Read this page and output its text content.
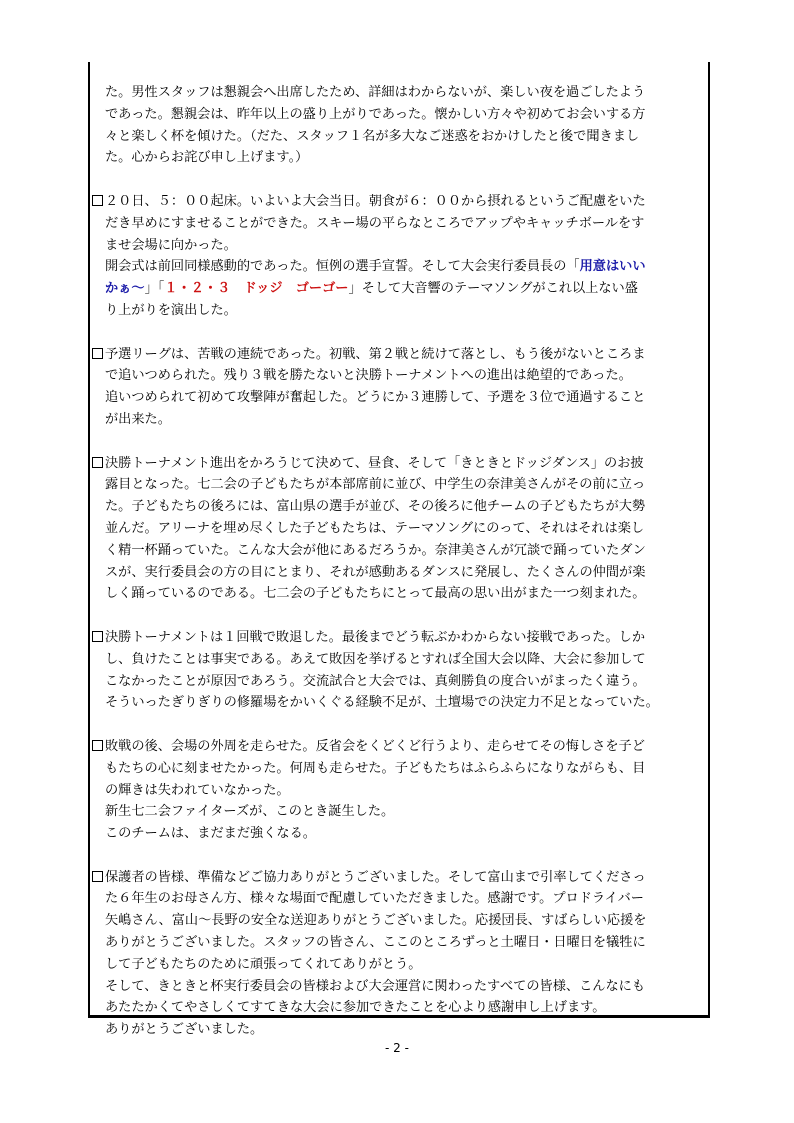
た。男性スタッフは懇親会へ出席したため、詳細はわからないが、楽しい夜を過ごしたよう
であった。懇親会は、昨年以上の盛り上がりであった。懐かしい方々や初めてお会いする方
々と楽しく杯を傾けた。（だた、スタッフ１名が多大なご迷惑をおかけしたと後で聞きまし
た。心からお詫び申し上げます。）
２０日、５：００起床。いよいよ大会当日。朝食が６：００から摂れるというご配慮をいた
だき早めにすませることができた。スキー場の平らなところでアップやキャッチボールをす
ませ会場に向かった。
開会式は前回同様感動的であった。恒例の選手宣誓。そして大会実行委員長の「用意はいい
かぁ～」「１・２・３　ドッジ　ゴーゴー」そして大音響のテーマソングがこれ以上ない盛
り上がりを演出した。
予選リーグは、苦戦の連続であった。初戦、第２戦と続けて落とし、もう後がないところま
で追いつめられた。残り３戦を勝たないと決勝トーナメントへの進出は絶望的であった。
追いつめられて初めて攻撃陣が奮起した。どうにか３連勝して、予選を３位で通過すること
が出来た。
決勝トーナメント進出をかろうじて決めて、昼食、そして「きときとドッジダンス」のお披
露目となった。七二会の子どもたちが本部席前に並び、中学生の奈津美さんがその前に立っ
た。子どもたちの後ろには、富山県の選手が並び、その後ろに他チームの子どもたちが大勢
並んだ。アリーナを埋め尽くした子どもたちは、テーマソングにのって、それはそれは楽し
く精一杯踊っていた。こんな大会が他にあるだろうか。奈津美さんが冗談で踊っていたダン
スが、実行委員会の方の目にとまり、それが感動あるダンスに発展し、たくさんの仲間が楽
しく踊っているのである。七二会の子どもたちにとって最高の思い出がまた一つ刻まれた。
決勝トーナメントは１回戦で敗退した。最後までどう転ぶかわからない接戦であった。しか
し、負けたことは事実である。あえて敗因を挙げるとすれば全国大会以降、大会に参加して
こなかったことが原因であろう。交流試合と大会では、真剣勝負の度合いがまったく違う。
そういったぎりぎりの修羅場をかいくぐる経験不足が、土壇場での決定力不足となっていた。
敗戦の後、会場の外周を走らせた。反省会をくどくど行うより、走らせてその悔しさを子ど
もたちの心に刻ませたかった。何周も走らせた。子どもたちはふらふらになりながらも、目
の輝きは失われていなかった。
新生七二会ファイターズが、このとき誕生した。
このチームは、まだまだ強くなる。
保護者の皆様、準備などご協力ありがとうございました。そして富山まで引率してくださっ
た６年生のお母さん方、様々な場面で配慮していただきました。感謝です。プロドライバー
矢嶋さん、富山～長野の安全な送迎ありがとうございました。応援団長、すばらしい応援を
ありがとうございました。スタッフの皆さん、ここのところずっと土曜日・日曜日を犠牲に
して子どもたちのために頑張ってくれてありがとう。
そして、きときと杯実行委員会の皆様および大会運営に関わったすべての皆様、こんなにも
あたたかくてやさしくてすてきな大会に参加できたことを心より感謝申し上げます。
ありがとうございました。
- 2 -
